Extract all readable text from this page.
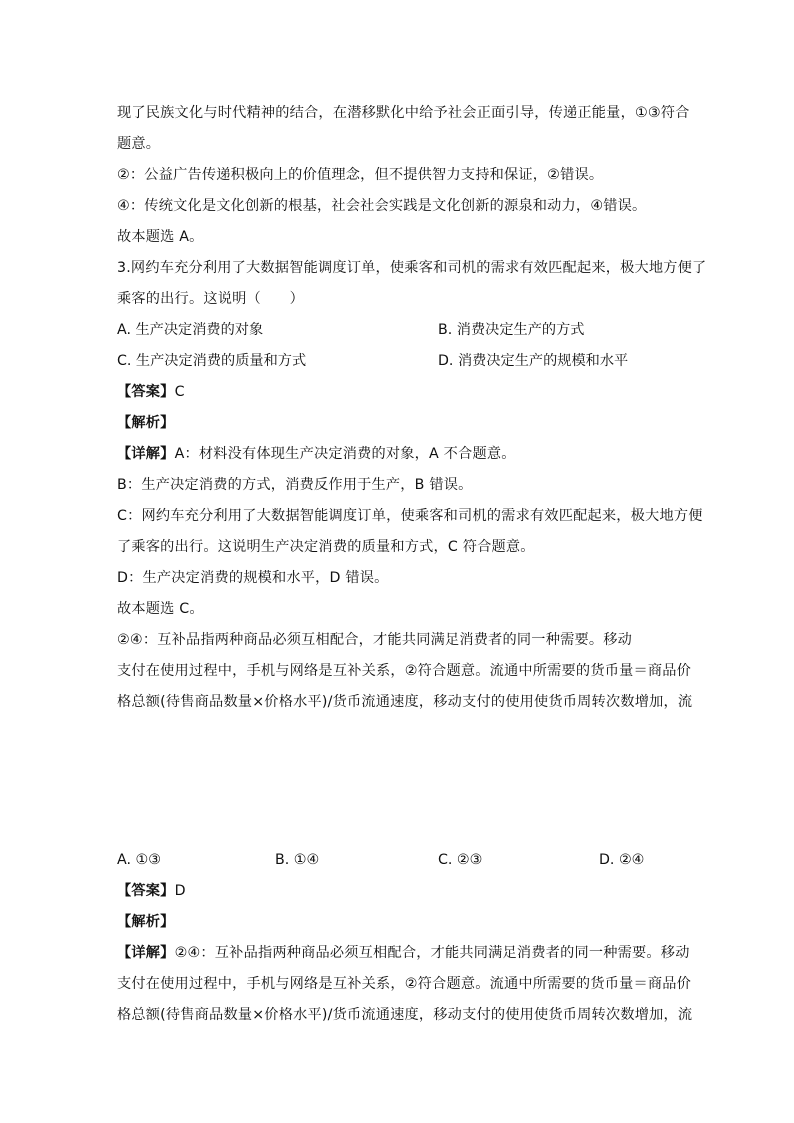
现了民族文化与时代精神的结合，在潜移默化中给予社会正面引导，传递正能量，①③符合
题意。
②：公益广告传递积极向上的价值理念，但不提供智力支持和保证，②错误。
④：传统文化是文化创新的根基，社会社会实践是文化创新的源泉和动力，④错误。
故本题选 A。
3.网约车充分利用了大数据智能调度订单，使乘客和司机的需求有效匹配起来，极大地方便了
乘客的出行。这说明（　　）
A. 生产决定消费的对象	B. 消费决定生产的方式
C. 生产决定消费的质量和方式	D. 消费决定生产的规模和水平
【答案】C
【解析】
【详解】A：材料没有体现生产决定消费的对象，A 不合题意。
B：生产决定消费的方式，消费反作用于生产，B 错误。
C：网约车充分利用了大数据智能调度订单，使乘客和司机的需求有效匹配起来，极大地方便
了乘客的出行。这说明生产决定消费的质量和方式，C 符合题意。
D：生产决定消费的规模和水平，D 错误。
故本题选 C。
②④：互补品指两种商品必须互相配合，才能共同满足消费者的同一种需要。移动
支付在使用过程中，手机与网络是互补关系，②符合题意。流通中所需要的货币量＝商品价
格总额(待售商品数量×价格水平)/货币流通速度，移动支付的使用使货币周转次数增加，流
A. ①③	B. ①④	C. ②③	D. ②④
【答案】D
【解析】
【详解】②④：互补品指两种商品必须互相配合，才能共同满足消费者的同一种需要。移动
支付在使用过程中，手机与网络是互补关系，②符合题意。流通中所需要的货币量＝商品价
格总额(待售商品数量×价格水平)/货币流通速度，移动支付的使用使货币周转次数增加，流
